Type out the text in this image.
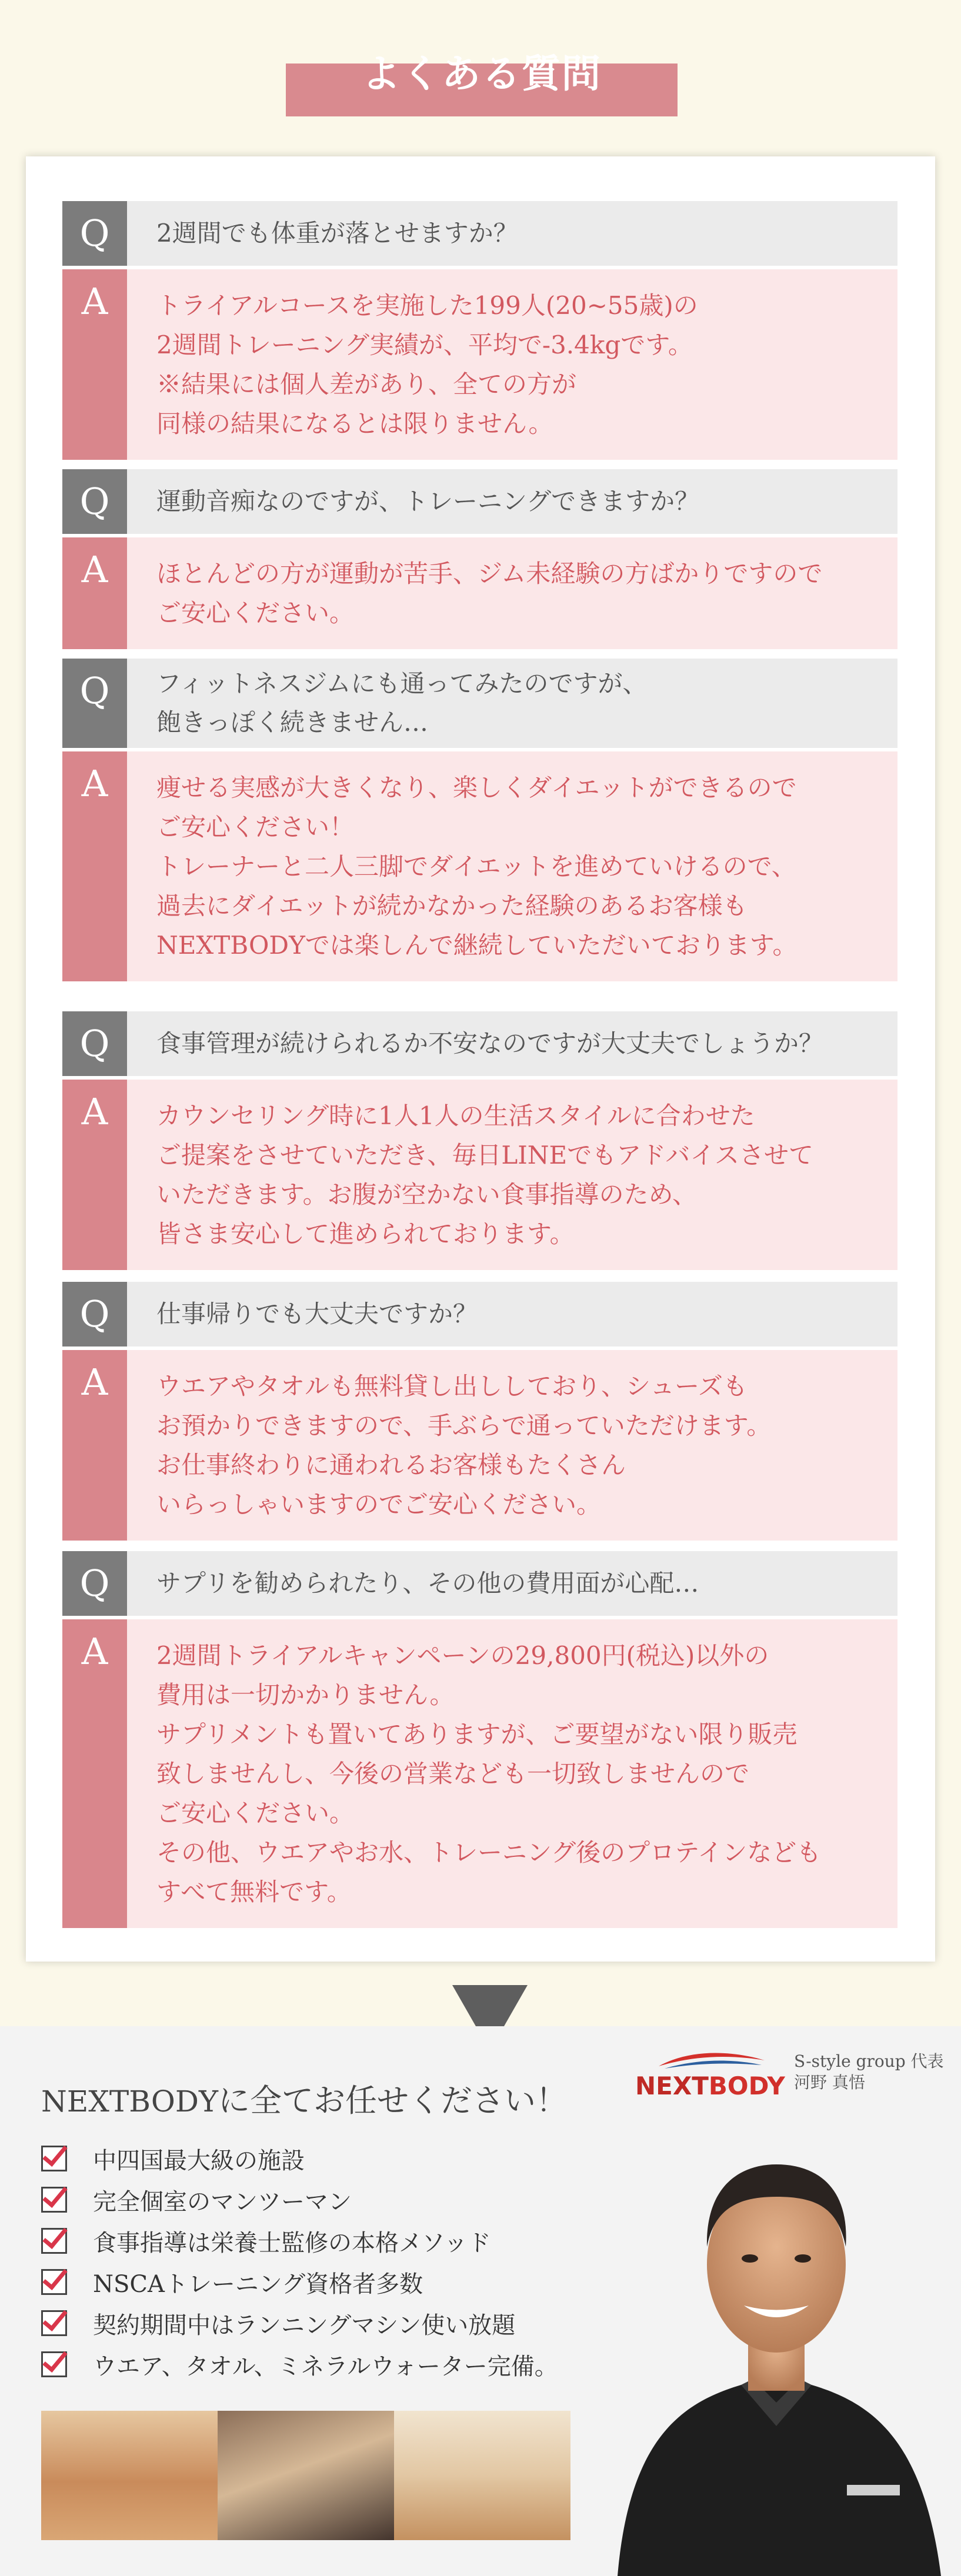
よくある質問
Q	2週間でも体重が落とせますか？
A	トライアルコースを実施した199人(20~55歳)の
2週間トレーニング実績が、平均で-3.4kgです。
※結果には個人差があり、全ての方が
同様の結果になるとは限りません。
Q	運動音痴なのですが、トレーニングできますか？
A	ほとんどの方が運動が苦手、ジム未経験の方ばかりですので
ご安心ください。
Q	フィットネスジムにも通ってみたのですが、
飽きっぽく続きません…
A	痩せる実感が大きくなり、楽しくダイエットができるので
ご安心ください！
トレーナーと二人三脚でダイエットを進めていけるので、
過去にダイエットが続かなかった経験のあるお客様も
NEXTBODYでは楽しんで継続していただいております。
Q	食事管理が続けられるか不安なのですが大丈夫でしょうか？
A	カウンセリング時に1人1人の生活スタイルに合わせた
ご提案をさせていただき、毎日LINEでもアドバイスさせて
いただきます。お腹が空かない食事指導のため、
皆さま安心して進められております。
Q	仕事帰りでも大丈夫ですか？
A	ウエアやタオルも無料貸し出ししており、シューズも
お預かりできますので、手ぶらで通っていただけます。
お仕事終わりに通われるお客様もたくさん
いらっしゃいますのでご安心ください。
Q	サプリを勧められたり、その他の費用面が心配…
A	2週間トライアルキャンペーンの29,800円(税込)以外の
費用は一切かかりません。
サプリメントも置いてありますが、ご要望がない限り販売
致しませんし、今後の営業なども一切致しませんので
ご安心ください。
その他、ウエアやお水、トレーニング後のプロテインなども
すべて無料です。
NEXTBODYに全てお任せください！
中四国最大級の施設
完全個室のマンツーマン
食事指導は栄養士監修の本格メソッド
NSCAトレーニング資格者多数
契約期間中はランニングマシン使い放題
ウエア、タオル、ミネラルウォーター完備。
NEXTBODY
S-style group 代表
河野 真悟
